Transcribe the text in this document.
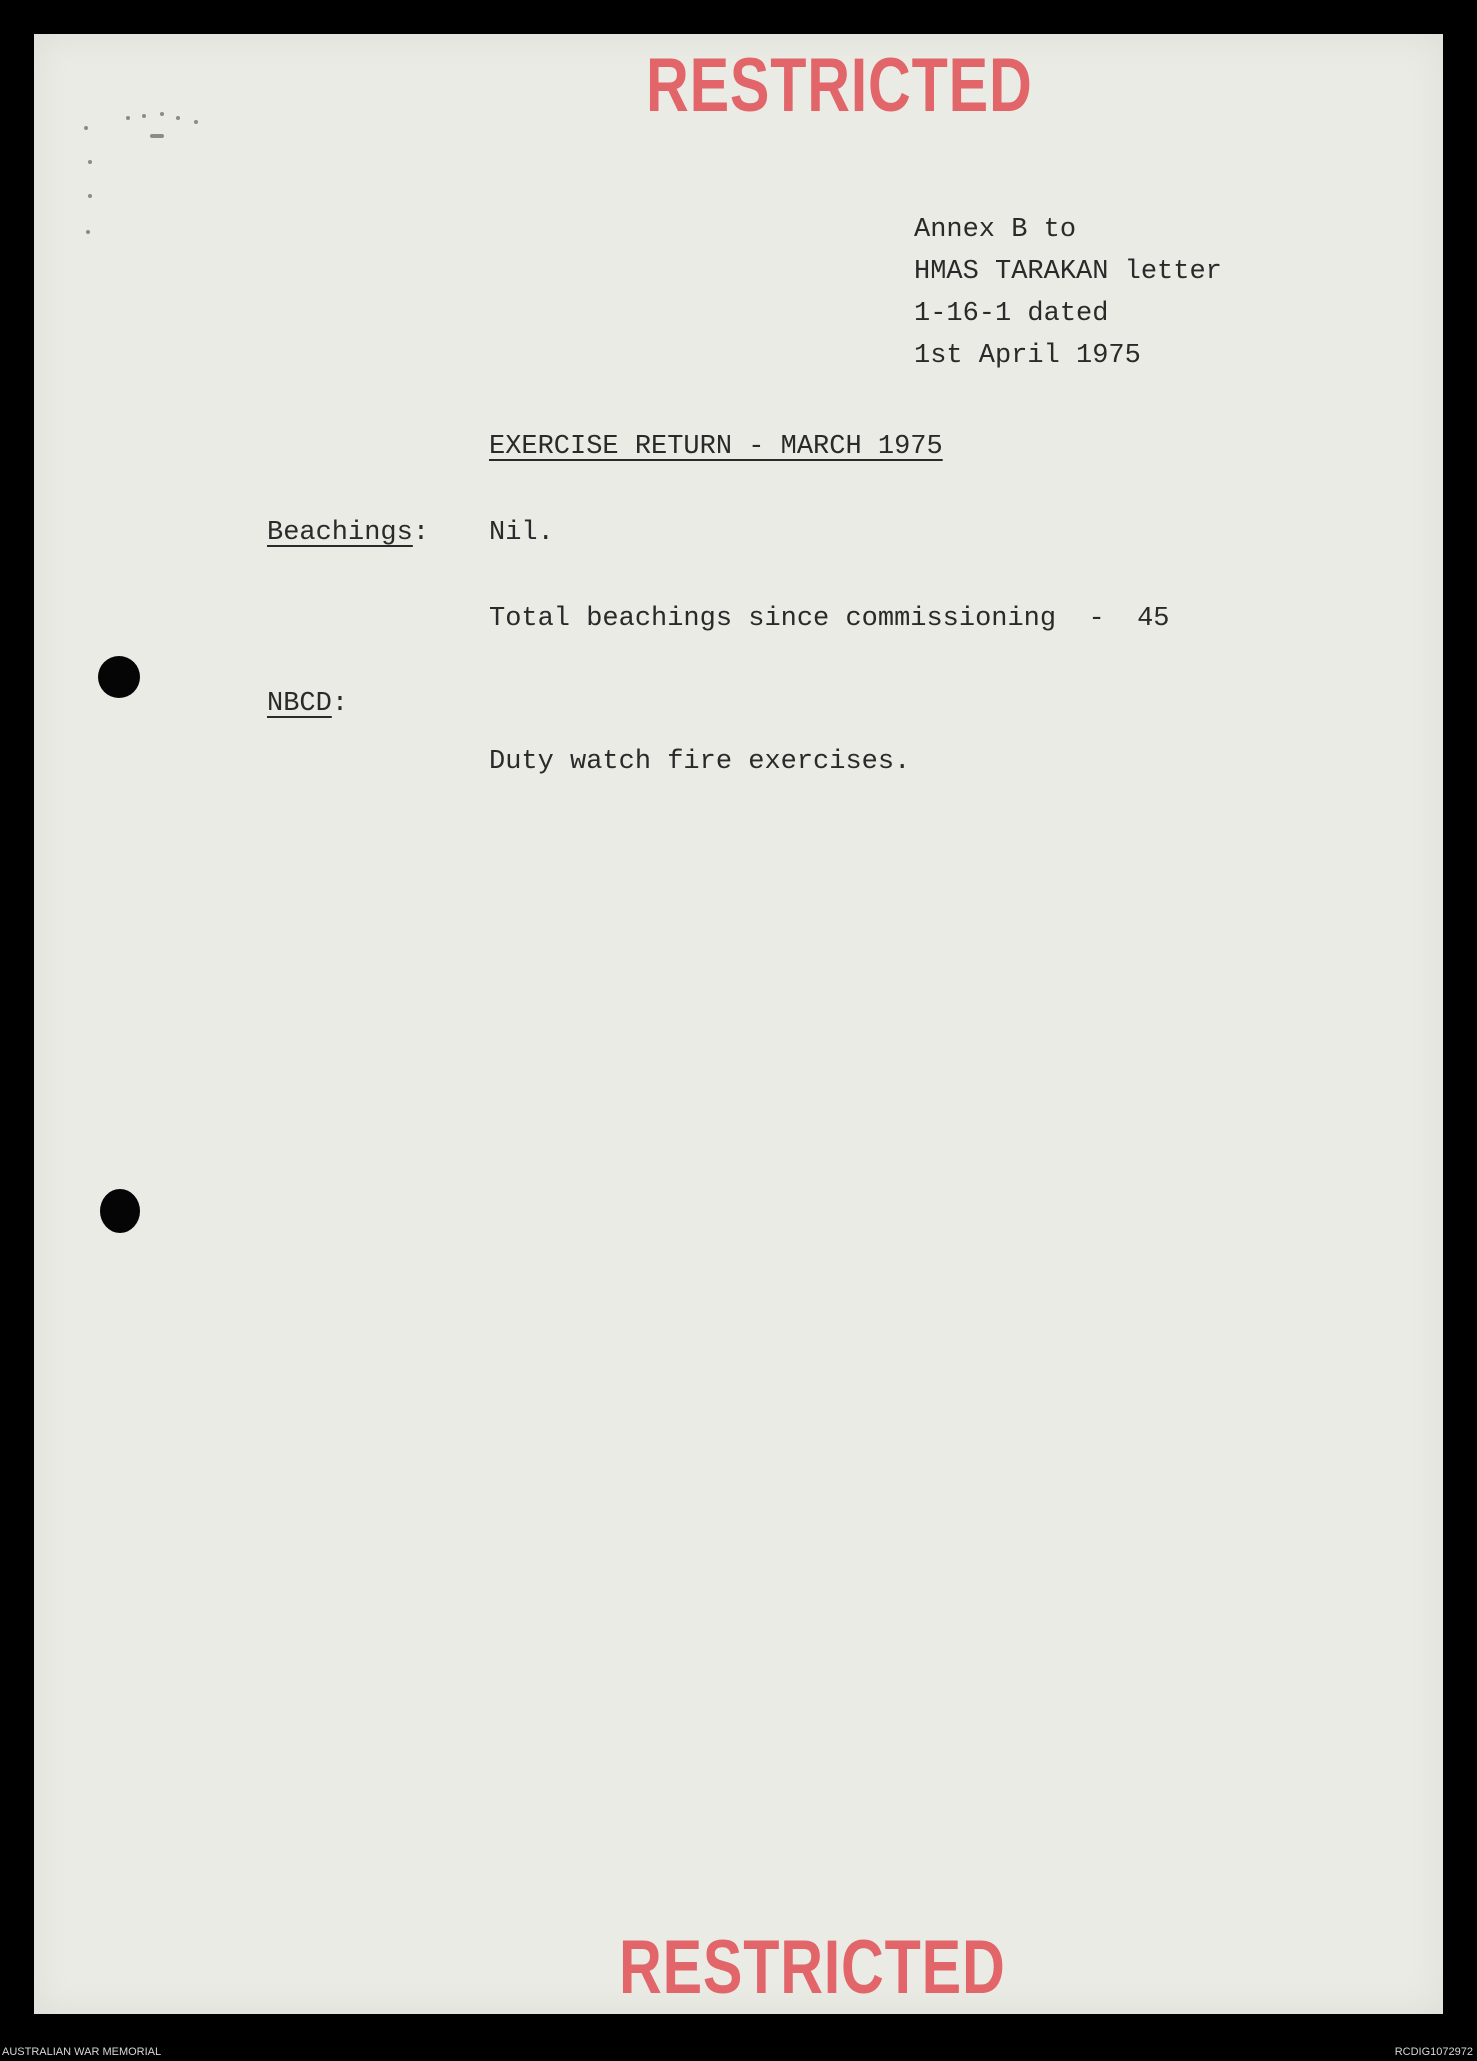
RESTRICTED
Annex B to
HMAS TARAKAN letter
1-16-1 dated
1st April 1975
EXERCISE RETURN - MARCH 1975
Beachings: Nil.
Total beachings since commissioning  -  45
NBCD:
Duty watch fire exercises.
RESTRICTED
AUSTRALIAN WAR MEMORIAL	RCDIG1072972
